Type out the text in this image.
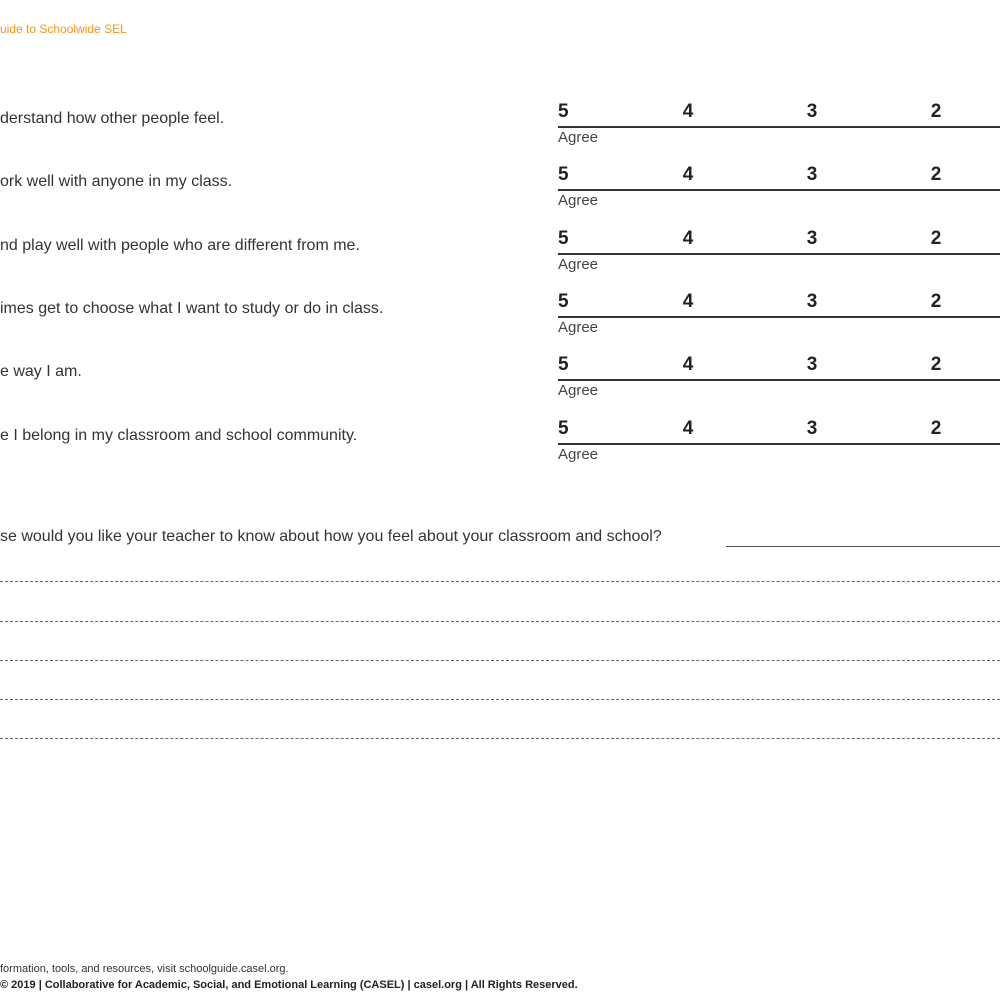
uide to Schoolwide SEL
derstand how other people feel.	5	4	3	2
Agree
ork well with anyone in my class.	5	4	3	2
Agree
nd play well with people who are different from me.	5	4	3	2
Agree
imes get to choose what I want to study or do in class.	5	4	3	2
Agree
e way I am.	5	4	3	2
Agree
e I belong in my classroom and school community.	5	4	3	2
Agree
se would you like your teacher to know about how you feel about your classroom and school?
formation, tools, and resources, visit schoolguide.casel.org.
© 2019 | Collaborative for Academic, Social, and Emotional Learning (CASEL) | casel.org | All Rights Reserved.
